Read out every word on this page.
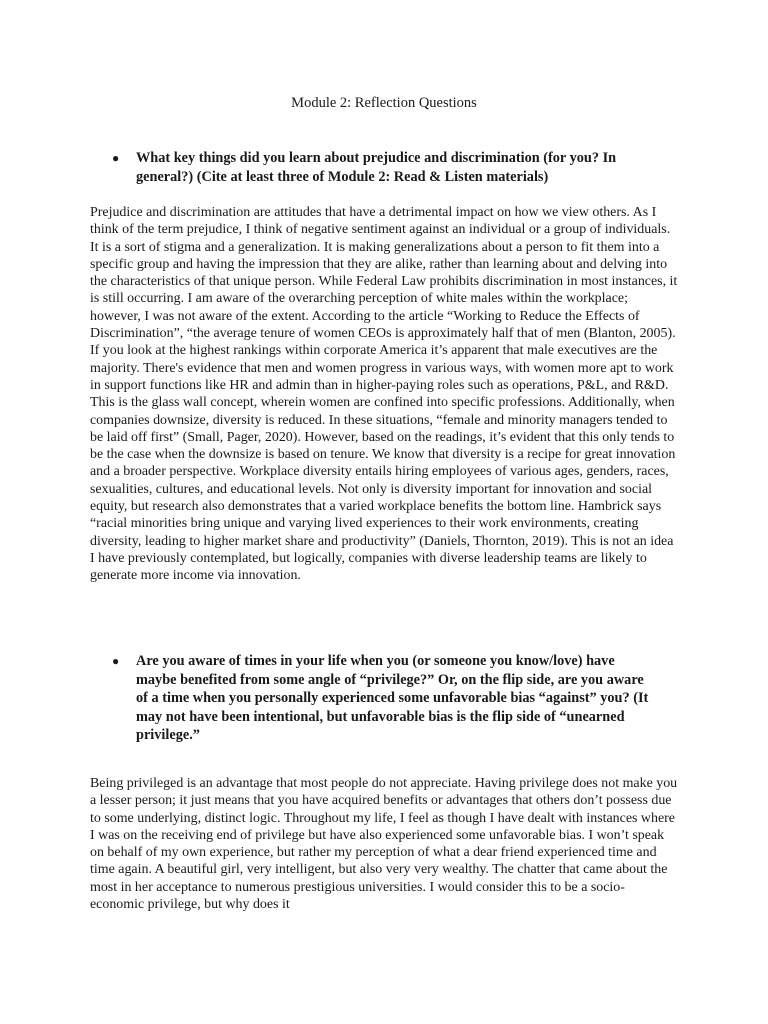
Module 2: Reflection Questions
● What key things did you learn about prejudice and discrimination (for you? In general?) (Cite at least three of Module 2: Read & Listen materials)

Prejudice and discrimination are attitudes that have a detrimental impact on how we view others. As I think of the term prejudice, I think of negative sentiment against an individual or a group of individuals. It is a sort of stigma and a generalization. It is making generalizations about a person to fit them into a specific group and having the impression that they are alike, rather than learning about and delving into the characteristics of that unique person. While Federal Law prohibits discrimination in most instances, it is still occurring. I am aware of the overarching perception of white males within the workplace; however, I was not aware of the extent. According to the article “Working to Reduce the Effects of Discrimination”, “the average tenure of women CEOs is approximately half that of men (Blanton, 2005). If you look at the highest rankings within corporate America it’s apparent that male executives are the majority. There's evidence that men and women progress in various ways, with women more apt to work in support functions like HR and admin than in higher-paying roles such as operations, P&L, and R&D. This is the glass wall concept, wherein women are confined into specific professions. Additionally, when companies downsize, diversity is reduced. In these situations, “female and minority managers tended to be laid off first” (Small, Pager, 2020). However, based on the readings, it’s evident that this only tends to be the case when the downsize is based on tenure. We know that diversity is a recipe for great innovation and a broader perspective. Workplace diversity entails hiring employees of various ages, genders, races, sexualities, cultures, and educational levels. Not only is diversity important for innovation and social equity, but research also demonstrates that a varied workplace benefits the bottom line. Hambrick says “racial minorities bring unique and varying lived experiences to their work environments, creating diversity, leading to higher market share and productivity” (Daniels, Thornton, 2019). This is not an idea I have previously contemplated, but logically, companies with diverse leadership teams are likely to generate more income via innovation.

● Are you aware of times in your life when you (or someone you know/love) have maybe benefited from some angle of “privilege?” Or, on the flip side, are you aware of a time when you personally experienced some unfavorable bias “against” you? (It may not have been intentional, but unfavorable bias is the flip side of “unearned privilege.”

Being privileged is an advantage that most people do not appreciate. Having privilege does not make you a lesser person; it just means that you have acquired benefits or advantages that others don’t possess due to some underlying, distinct logic. Throughout my life, I feel as though I have dealt with instances where I was on the receiving end of privilege but have also experienced some unfavorable bias. I won’t speak on behalf of my own experience, but rather my perception of what a dear friend experienced time and time again. A beautiful girl, very intelligent, but also very very wealthy. The chatter that came about the most in her acceptance to numerous prestigious universities. I would consider this to be a socio-economic privilege, but why does it
